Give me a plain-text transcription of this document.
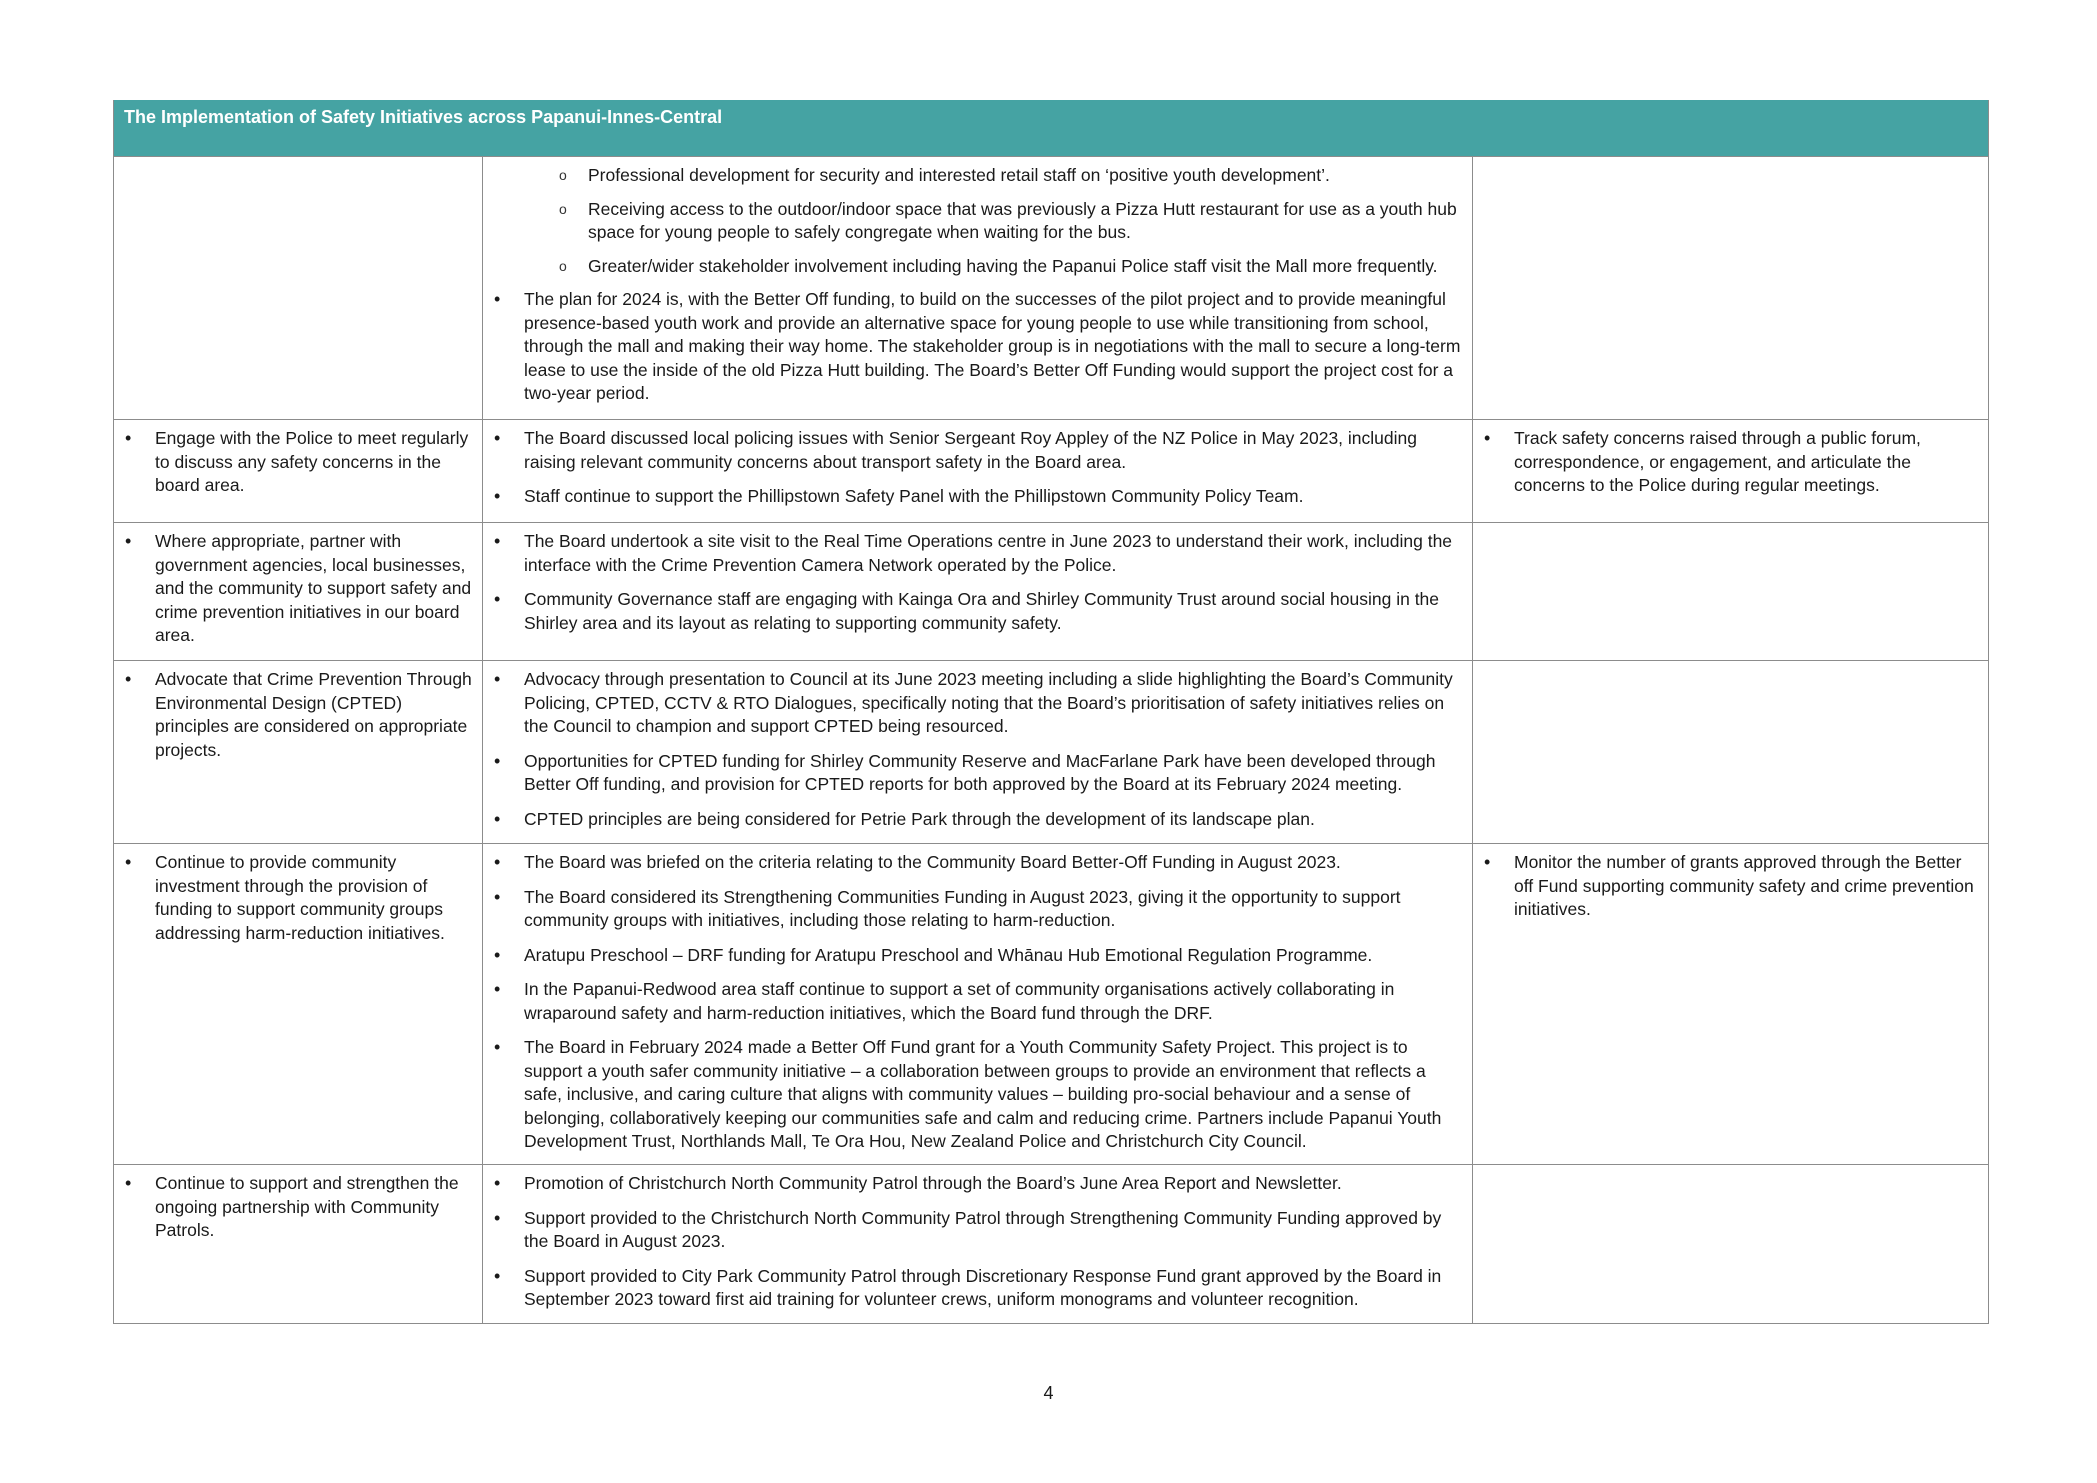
The Implementation of Safety Initiatives across Papanui-Innes-Central
o Professional development for security and interested retail staff on ‘positive youth development’.
o Receiving access to the outdoor/indoor space that was previously a Pizza Hutt restaurant for use as a youth hub space for young people to safely congregate when waiting for the bus.
o Greater/wider stakeholder involvement including having the Papanui Police staff visit the Mall more frequently.
• The plan for 2024 is, with the Better Off funding, to build on the successes of the pilot project and to provide meaningful presence-based youth work and provide an alternative space for young people to use while transitioning from school, through the mall and making their way home. The stakeholder group is in negotiations with the mall to secure a long-term lease to use the inside of the old Pizza Hutt building. The Board’s Better Off Funding would support the project cost for a two-year period.
• Engage with the Police to meet regularly to discuss any safety concerns in the board area.
• The Board discussed local policing issues with Senior Sergeant Roy Appley of the NZ Police in May 2023, including raising relevant community concerns about transport safety in the Board area.
• Staff continue to support the Phillipstown Safety Panel with the Phillipstown Community Policy Team.
• Track safety concerns raised through a public forum, correspondence, or engagement, and articulate the concerns to the Police during regular meetings.
• Where appropriate, partner with government agencies, local businesses, and the community to support safety and crime prevention initiatives in our board area.
• The Board undertook a site visit to the Real Time Operations centre in June 2023 to understand their work, including the interface with the Crime Prevention Camera Network operated by the Police.
• Community Governance staff are engaging with Kainga Ora and Shirley Community Trust around social housing in the Shirley area and its layout as relating to supporting community safety.
• Advocate that Crime Prevention Through Environmental Design (CPTED) principles are considered on appropriate projects.
• Advocacy through presentation to Council at its June 2023 meeting including a slide highlighting the Board’s Community Policing, CPTED, CCTV & RTO Dialogues, specifically noting that the Board’s prioritisation of safety initiatives relies on the Council to champion and support CPTED being resourced.
• Opportunities for CPTED funding for Shirley Community Reserve and MacFarlane Park have been developed through Better Off funding, and provision for CPTED reports for both approved by the Board at its February 2024 meeting.
• CPTED principles are being considered for Petrie Park through the development of its landscape plan.
• Continue to provide community investment through the provision of funding to support community groups addressing harm-reduction initiatives.
• The Board was briefed on the criteria relating to the Community Board Better-Off Funding in August 2023.
• The Board considered its Strengthening Communities Funding in August 2023, giving it the opportunity to support community groups with initiatives, including those relating to harm-reduction.
• Aratupu Preschool – DRF funding for Aratupu Preschool and Whānau Hub Emotional Regulation Programme.
• In the Papanui-Redwood area staff continue to support a set of community organisations actively collaborating in wraparound safety and harm-reduction initiatives, which the Board fund through the DRF.
• The Board in February 2024 made a Better Off Fund grant for a Youth Community Safety Project. This project is to support a youth safer community initiative – a collaboration between groups to provide an environment that reflects a safe, inclusive, and caring culture that aligns with community values – building pro-social behaviour and a sense of belonging, collaboratively keeping our communities safe and calm and reducing crime. Partners include Papanui Youth Development Trust, Northlands Mall, Te Ora Hou, New Zealand Police and Christchurch City Council.
• Monitor the number of grants approved through the Better off Fund supporting community safety and crime prevention initiatives.
• Continue to support and strengthen the ongoing partnership with Community Patrols.
• Promotion of Christchurch North Community Patrol through the Board’s June Area Report and Newsletter.
• Support provided to the Christchurch North Community Patrol through Strengthening Community Funding approved by the Board in August 2023.
• Support provided to City Park Community Patrol through Discretionary Response Fund grant approved by the Board in September 2023 toward first aid training for volunteer crews, uniform monograms and volunteer recognition.
4
